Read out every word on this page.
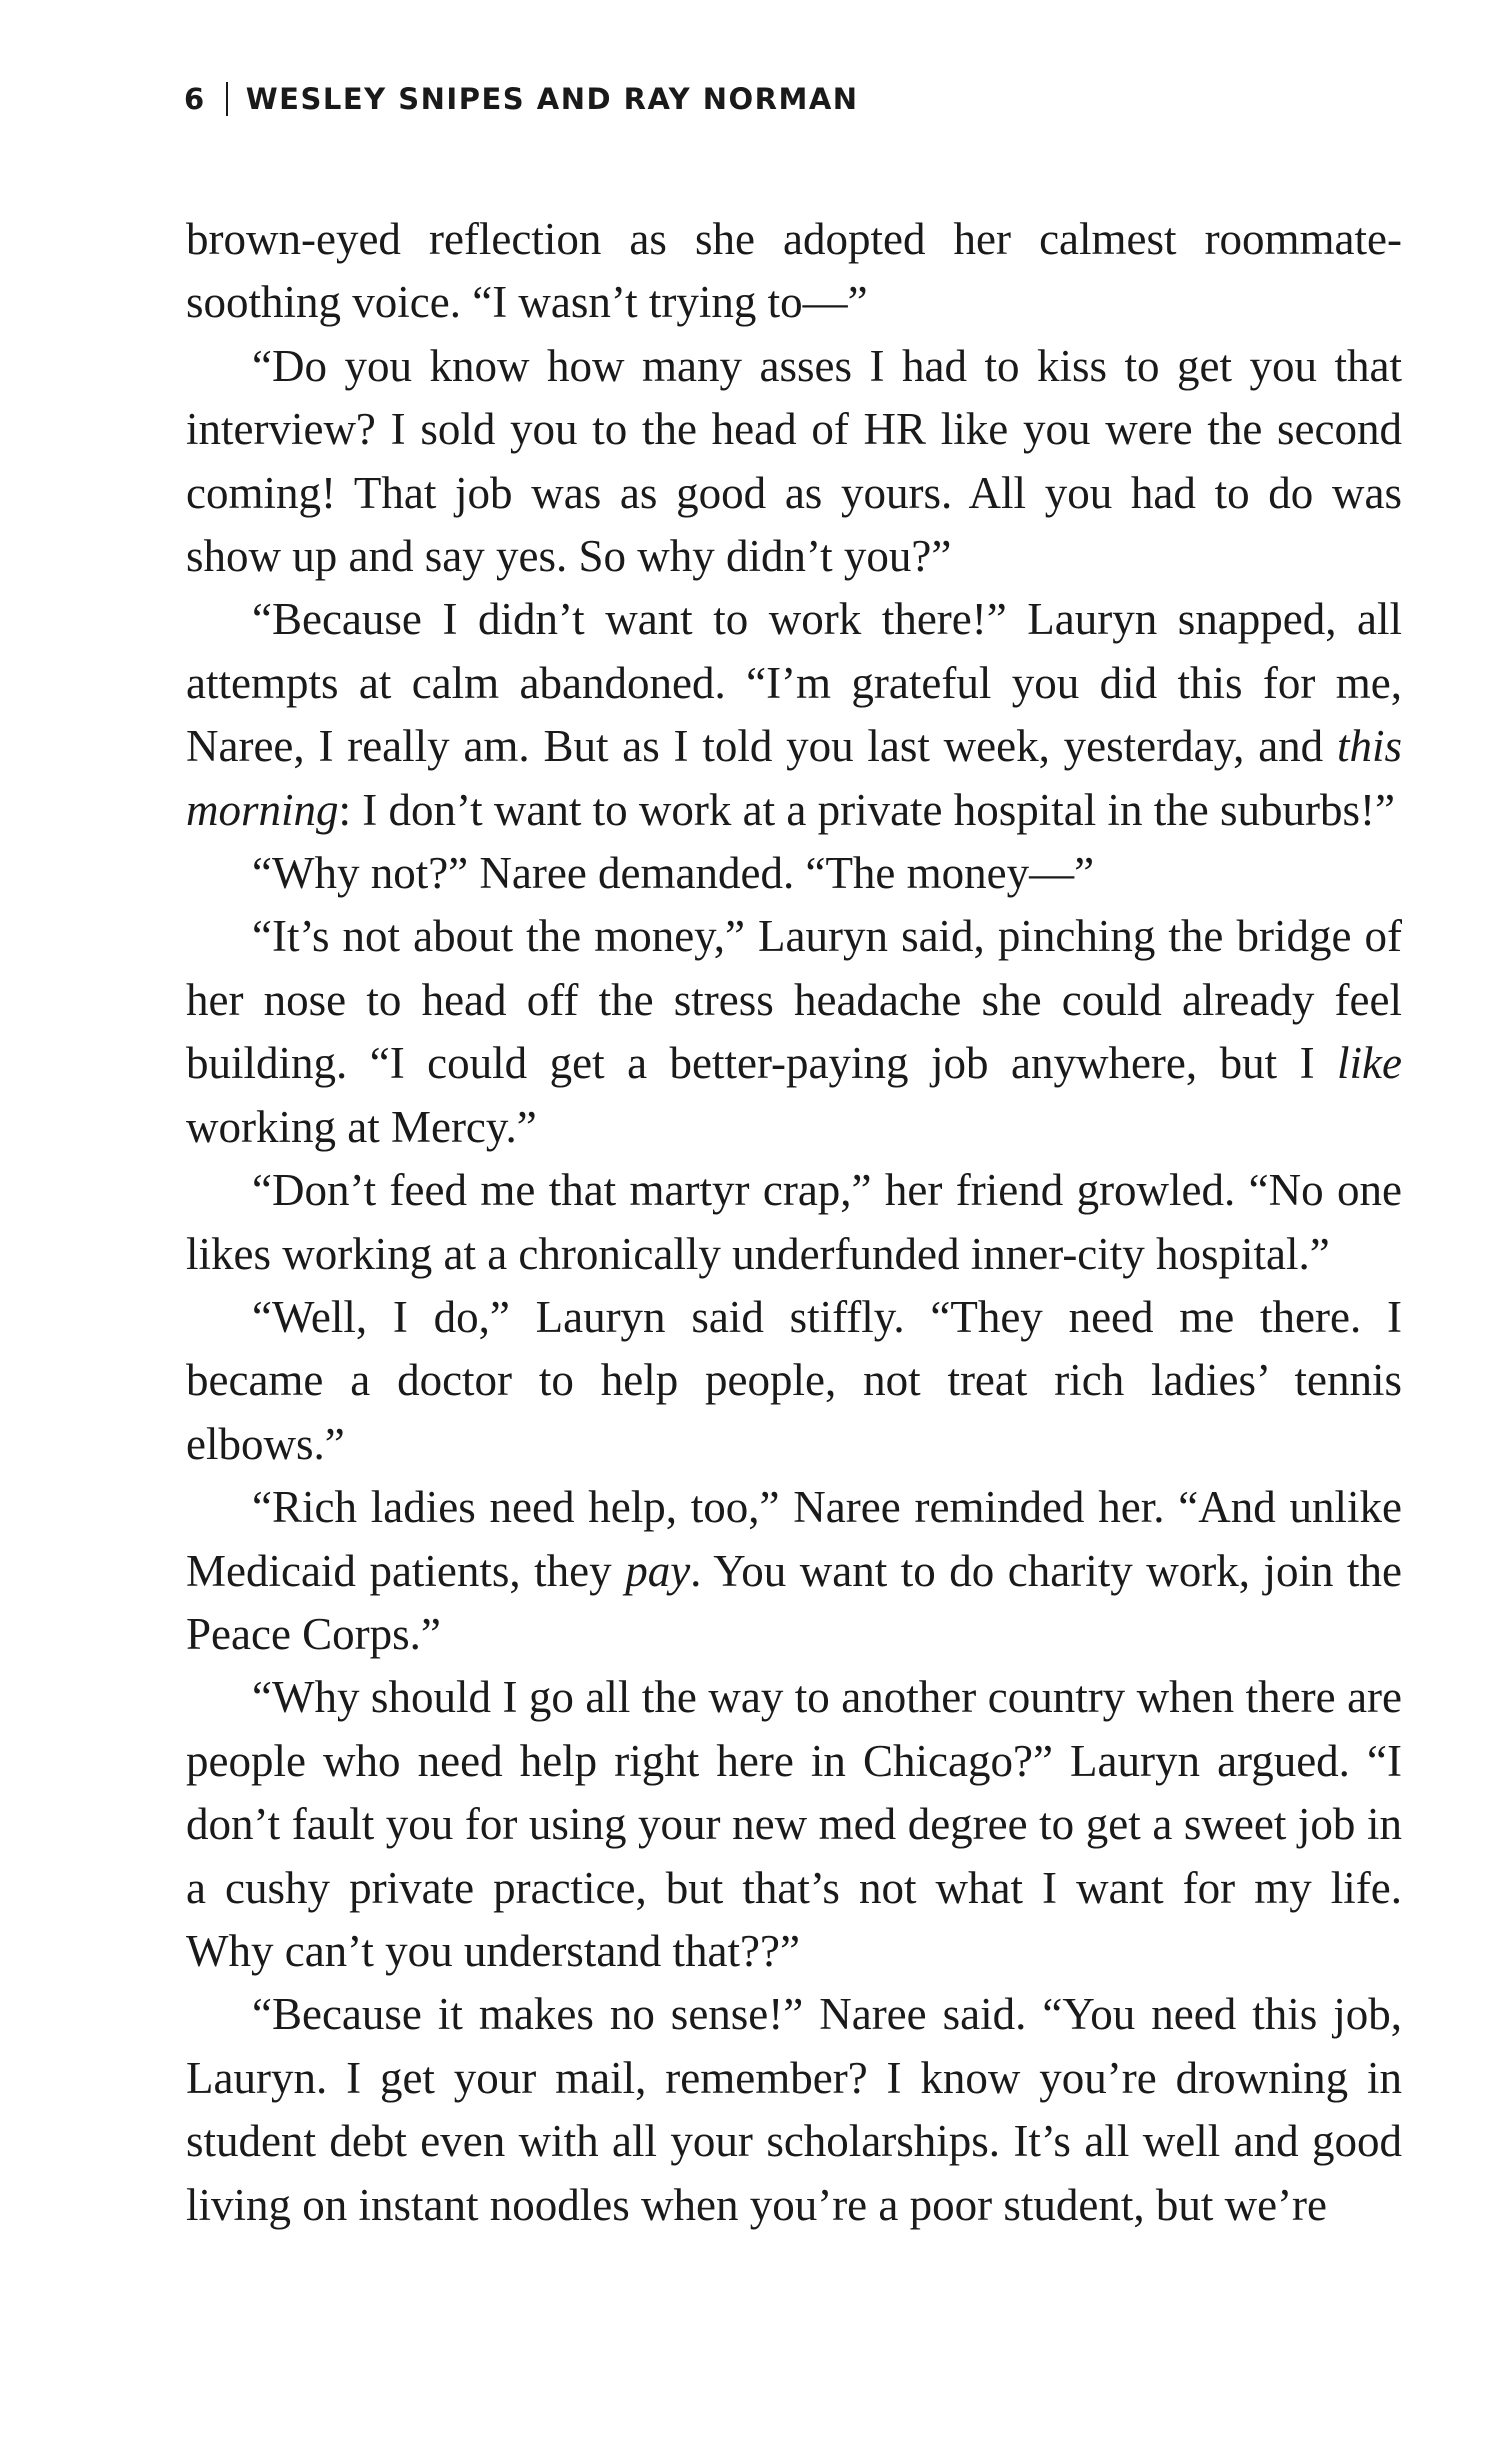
6 WESLEY SNIPES AND RAY NORMAN

brown-eyed reflection as she adopted her calmest roommate-soothing voice. “I wasn’t trying to—”

“Do you know how many asses I had to kiss to get you that interview? I sold you to the head of HR like you were the second coming! That job was as good as yours. All you had to do was show up and say yes. So why didn’t you?”

“Because I didn’t want to work there!” Lauryn snapped, all attempts at calm abandoned. “I’m grateful you did this for me, Naree, I really am. But as I told you last week, yesterday, and this morning: I don’t want to work at a private hospital in the suburbs!”

“Why not?” Naree demanded. “The money—”

“It’s not about the money,” Lauryn said, pinching the bridge of her nose to head off the stress headache she could already feel building. “I could get a better-paying job anywhere, but I like working at Mercy.”

“Don’t feed me that martyr crap,” her friend growled. “No one likes working at a chronically underfunded inner-city hospital.”

“Well, I do,” Lauryn said stiffly. “They need me there. I became a doctor to help people, not treat rich ladies’ tennis elbows.”

“Rich ladies need help, too,” Naree reminded her. “And unlike Medicaid patients, they pay. You want to do charity work, join the Peace Corps.”

“Why should I go all the way to another country when there are people who need help right here in Chicago?” Lauryn argued. “I don’t fault you for using your new med degree to get a sweet job in a cushy private practice, but that’s not what I want for my life. Why can’t you understand that??”

“Because it makes no sense!” Naree said. “You need this job, Lauryn. I get your mail, remember? I know you’re drowning in student debt even with all your scholarships. It’s all well and good living on instant noodles when you’re a poor student, but we’re
